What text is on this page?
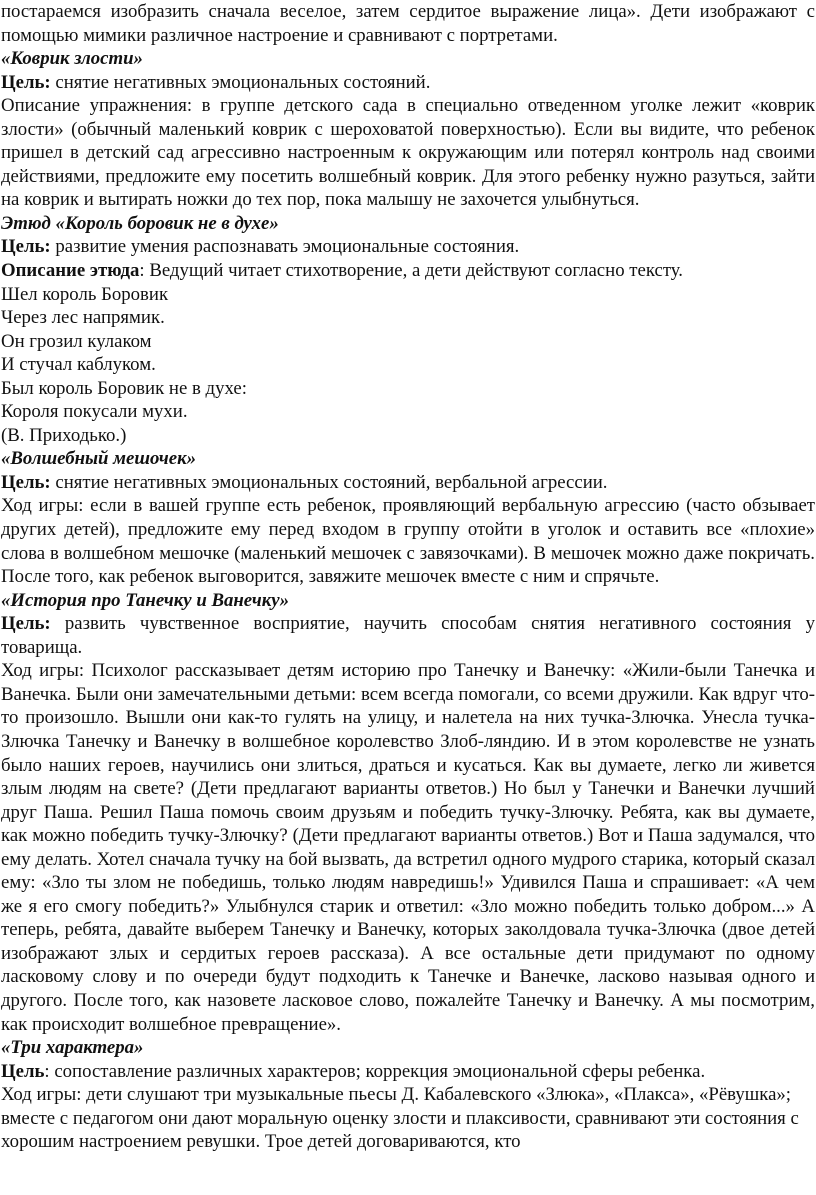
постараемся изобразить сначала веселое, затем сердитое выражение лица». Дети изображают с помощью мимики различное настроение и сравнивают с портретами.

«Коврик злости»

Цель: снятие негативных эмоциональных состояний.

Описание упражнения: в группе детского сада в специально отведенном уголке лежит «коврик злости» (обычный маленький коврик с шероховатой поверхностью). Если вы видите, что ребенок пришел в детский сад агрессивно настроенным к окружающим или потерял контроль над своими действиями, предложите ему посетить волшебный коврик. Для этого ребенку нужно разуться, зайти на коврик и вытирать ножки до тех пор, пока малышу не захочется улыбнуться.

Этюд «Король боровик не в духе»

Цель: развитие умения распознавать эмоциональные состояния.

Описание этюда: Ведущий читает стихотворение, а дети действуют согласно тексту.

Шел король Боровик

Через лес напрямик.

Он грозил кулаком

И стучал каблуком.

Был король Боровик не в духе:

Короля покусали мухи.

(В. Приходько.)

«Волшебный мешочек»

Цель: снятие негативных эмоциональных состояний, вербальной агрессии.

Ход игры: если в вашей группе есть ребенок, проявляющий вербальную агрессию (часто обзывает других детей), предложите ему перед входом в группу отойти в уголок и оставить все «плохие» слова в волшебном мешочке (маленький мешочек с завязочками). В мешочек можно даже покричать. После того, как ребенок выговорится, завяжите мешочек вместе с ним и спрячьте.

«История про Танечку и Ванечку»

Цель: развить чувственное восприятие, научить способам снятия негативного состояния у товарища.

Ход игры: Психолог рассказывает детям историю про Танечку и Ванечку: «Жили-были Танечка и Ванечка. Были они замечательными детьми: всем всегда помогали, со всеми дружили. Как вдруг что-то произошло. Вышли они как-то гулять на улицу, и налетела на них тучка-Злючка. Унесла тучка-Злючка Танечку и Ванечку в волшебное королевство Злоб-ляндию. И в этом королевстве не узнать было наших героев, научились они злиться, драться и кусаться. Как вы думаете, легко ли живется злым людям на свете? (Дети предлагают варианты ответов.) Но был у Танечки и Ванечки лучший друг Паша. Решил Паша помочь своим друзьям и победить тучку-Злючку. Ребята, как вы думаете, как можно победить тучку-Злючку? (Дети предлагают варианты ответов.) Вот и Паша задумался, что ему делать. Хотел сначала тучку на бой вызвать, да встретил одного мудрого старика, который сказал ему: «Зло ты злом не победишь, только людям навредишь!» Удивился Паша и спрашивает: «А чем же я его смогу победить?» Улыбнулся старик и ответил: «Зло можно победить только добром...» А теперь, ребята, давайте выберем Танечку и Ванечку, которых заколдовала тучка-Злючка (двое детей изображают злых и сердитых героев рассказа). А все остальные дети придумают по одному ласковому слову и по очереди будут подходить к Танечке и Ванечке, ласково называя одного и другого. После того, как назовете ласковое слово, пожалейте Танечку и Ванечку. А мы посмотрим, как происходит волшебное превращение».

«Три характера»

Цель: сопоставление различных характеров; коррекция эмоциональной сферы ребенка.

Ход игры: дети слушают три музыкальные пьесы Д. Кабалевского «Злюка», «Плакса», «Рёвушка»; вместе с педагогом они дают моральную оценку злости и плаксивости, сравнивают эти состояния с хорошим настроением ревушки. Трое детей договариваются, кто
